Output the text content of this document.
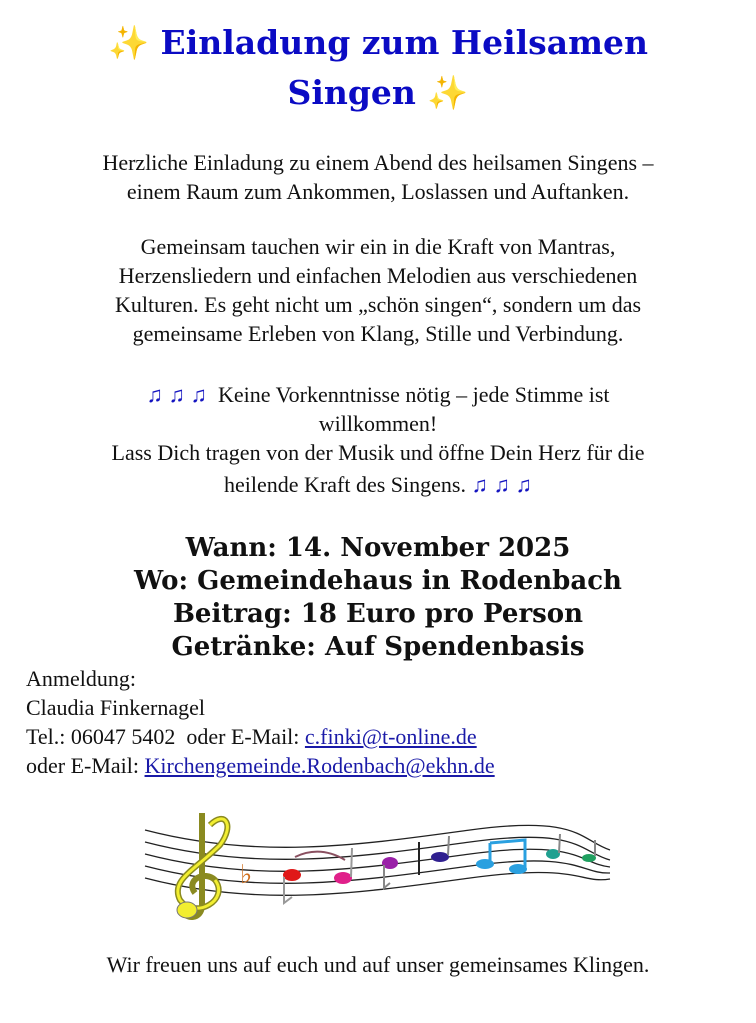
✨ Einladung zum Heilsamen
Singen ✨
Herzliche Einladung zu einem Abend des heilsamen Singens –
einem Raum zum Ankommen, Loslassen und Auftanken.
Gemeinsam tauchen wir ein in die Kraft von Mantras,
Herzensliedern und einfachen Melodien aus verschiedenen
Kulturen. Es geht nicht um „schön singen“, sondern um das
gemeinsame Erleben von Klang, Stille und Verbindung.
♫ ♫ ♫ Keine Vorkenntnisse nötig – jede Stimme ist
willkommen!
Lass Dich tragen von der Musik und öffne Dein Herz für die
heilende Kraft des Singens. ♫ ♫ ♫
Wann: 14. November 2025
Wo: Gemeindehaus in Rodenbach
Beitrag: 18 Euro pro Person
Getränke: Auf Spendenbasis
Anmeldung:
Claudia Finkernagel
Tel.: 06047 5402  oder E-Mail: c.finki@t-online.de
oder E-Mail: Kirchengemeinde.Rodenbach@ekhn.de
♭
Wir freuen uns auf euch und auf unser gemeinsames Klingen.
